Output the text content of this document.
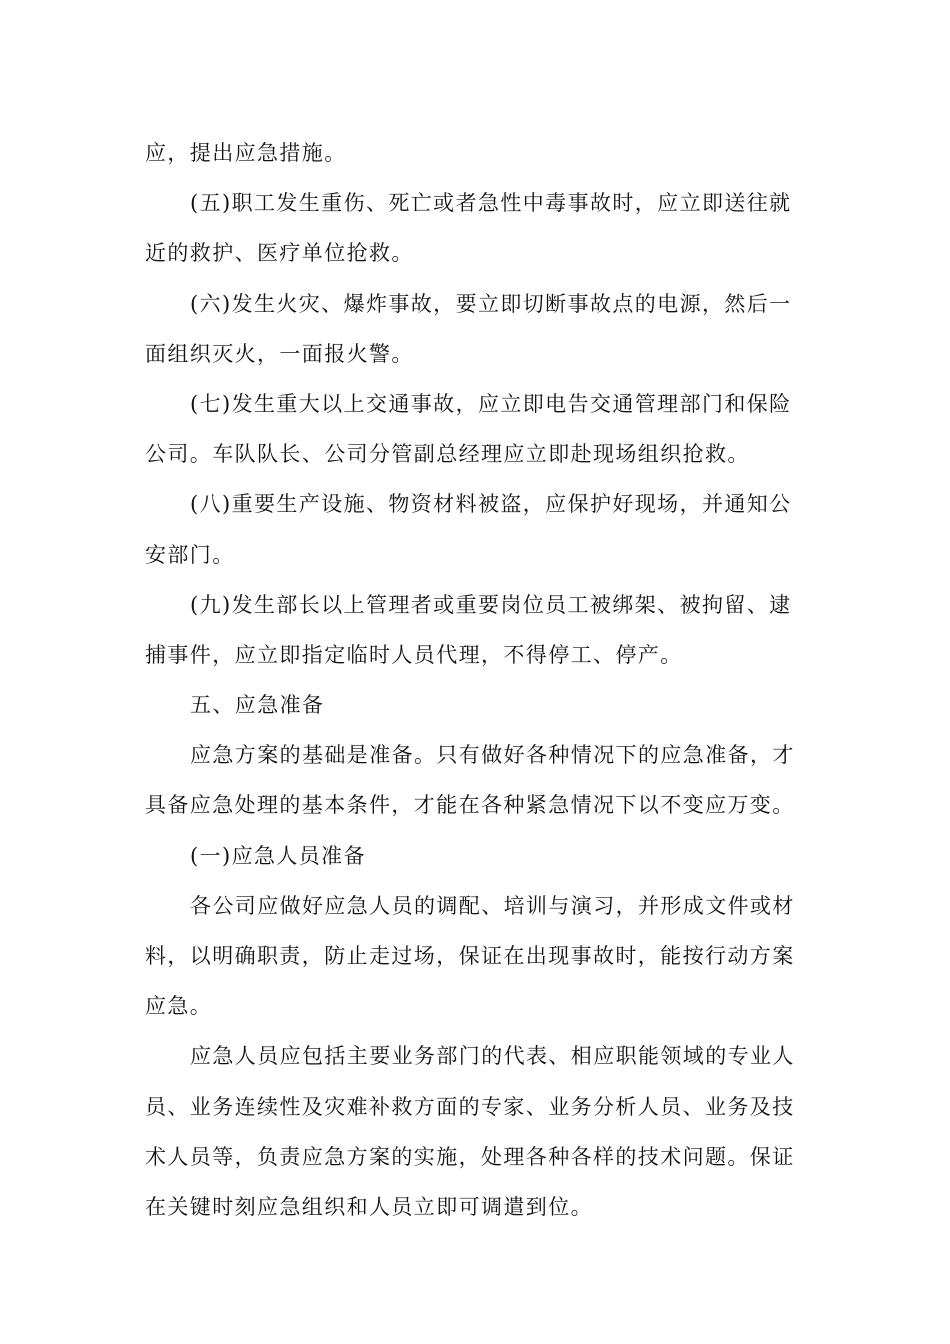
应，提出应急措施。
(五)职工发生重伤、死亡或者急性中毒事故时，应立即送往就
近的救护、医疗单位抢救。
(六)发生火灾、爆炸事故，要立即切断事故点的电源，然后一
面组织灭火，一面报火警。
(七)发生重大以上交通事故，应立即电告交通管理部门和保险
公司。车队队长、公司分管副总经理应立即赴现场组织抢救。
(八)重要生产设施、物资材料被盗，应保护好现场，并通知公
安部门。
(九)发生部长以上管理者或重要岗位员工被绑架、被拘留、逮
捕事件，应立即指定临时人员代理，不得停工、停产。
五、应急准备
应急方案的基础是准备。只有做好各种情况下的应急准备，才
具备应急处理的基本条件，才能在各种紧急情况下以不变应万变。
(一)应急人员准备
各公司应做好应急人员的调配、培训与演习，并形成文件或材
料，以明确职责，防止走过场，保证在出现事故时，能按行动方案
应急。
应急人员应包括主要业务部门的代表、相应职能领域的专业人
员、业务连续性及灾难补救方面的专家、业务分析人员、业务及技
术人员等，负责应急方案的实施，处理各种各样的技术问题。保证
在关键时刻应急组织和人员立即可调遣到位。
